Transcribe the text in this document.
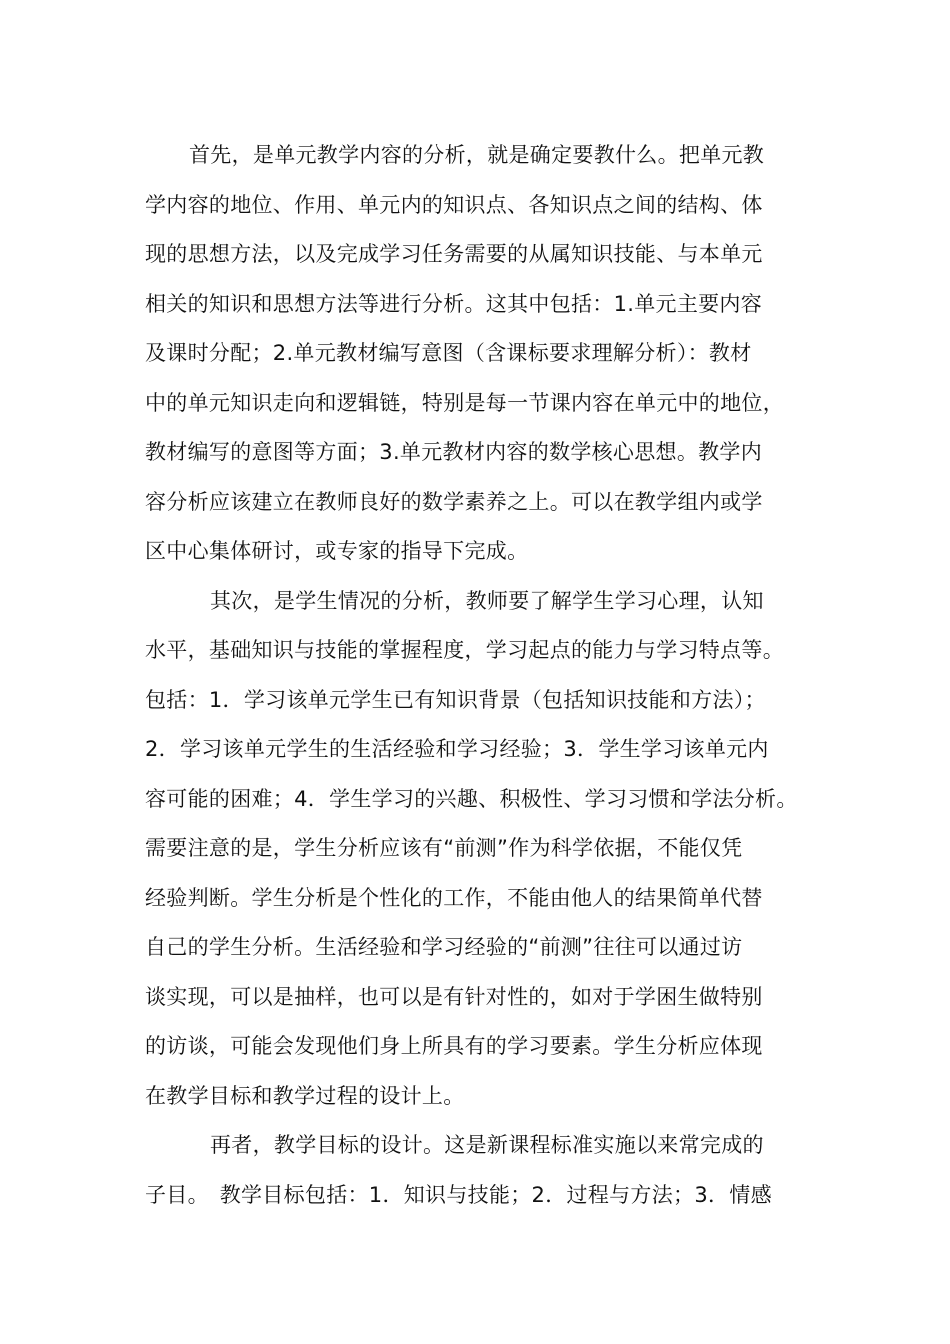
首先，是单元教学内容的分析，就是确定要教什么。把单元教
学内容的地位、作用、单元内的知识点、各知识点之间的结构、体
现的思想方法，以及完成学习任务需要的从属知识技能、与本单元
相关的知识和思想方法等进行分析。这其中包括：1.单元主要内容
及课时分配；2.单元教材编写意图（含课标要求理解分析）：教材
中的单元知识走向和逻辑链，特别是每一节课内容在单元中的地位，
教材编写的意图等方面；3.单元教材内容的数学核心思想。教学内
容分析应该建立在教师良好的数学素养之上。可以在教学组内或学
区中心集体研讨，或专家的指导下完成。
其次，是学生情况的分析，教师要了解学生学习心理，认知
水平，基础知识与技能的掌握程度，学习起点的能力与学习特点等。
包括：1．学习该单元学生已有知识背景（包括知识技能和方法）；
2．学习该单元学生的生活经验和学习经验；3．学生学习该单元内
容可能的困难；4．学生学习的兴趣、积极性、学习习惯和学法分析。
需要注意的是，学生分析应该有“前测”作为科学依据，不能仅凭
经验判断。学生分析是个性化的工作，不能由他人的结果简单代替
自己的学生分析。生活经验和学习经验的“前测”往往可以通过访
谈实现，可以是抽样，也可以是有针对性的，如对于学困生做特别
的访谈，可能会发现他们身上所具有的学习要素。学生分析应体现
在教学目标和教学过程的设计上。
再者，教学目标的设计。这是新课程标准实施以来常完成的
子目。　教学目标包括：1．知识与技能；2．过程与方法；3．情感
